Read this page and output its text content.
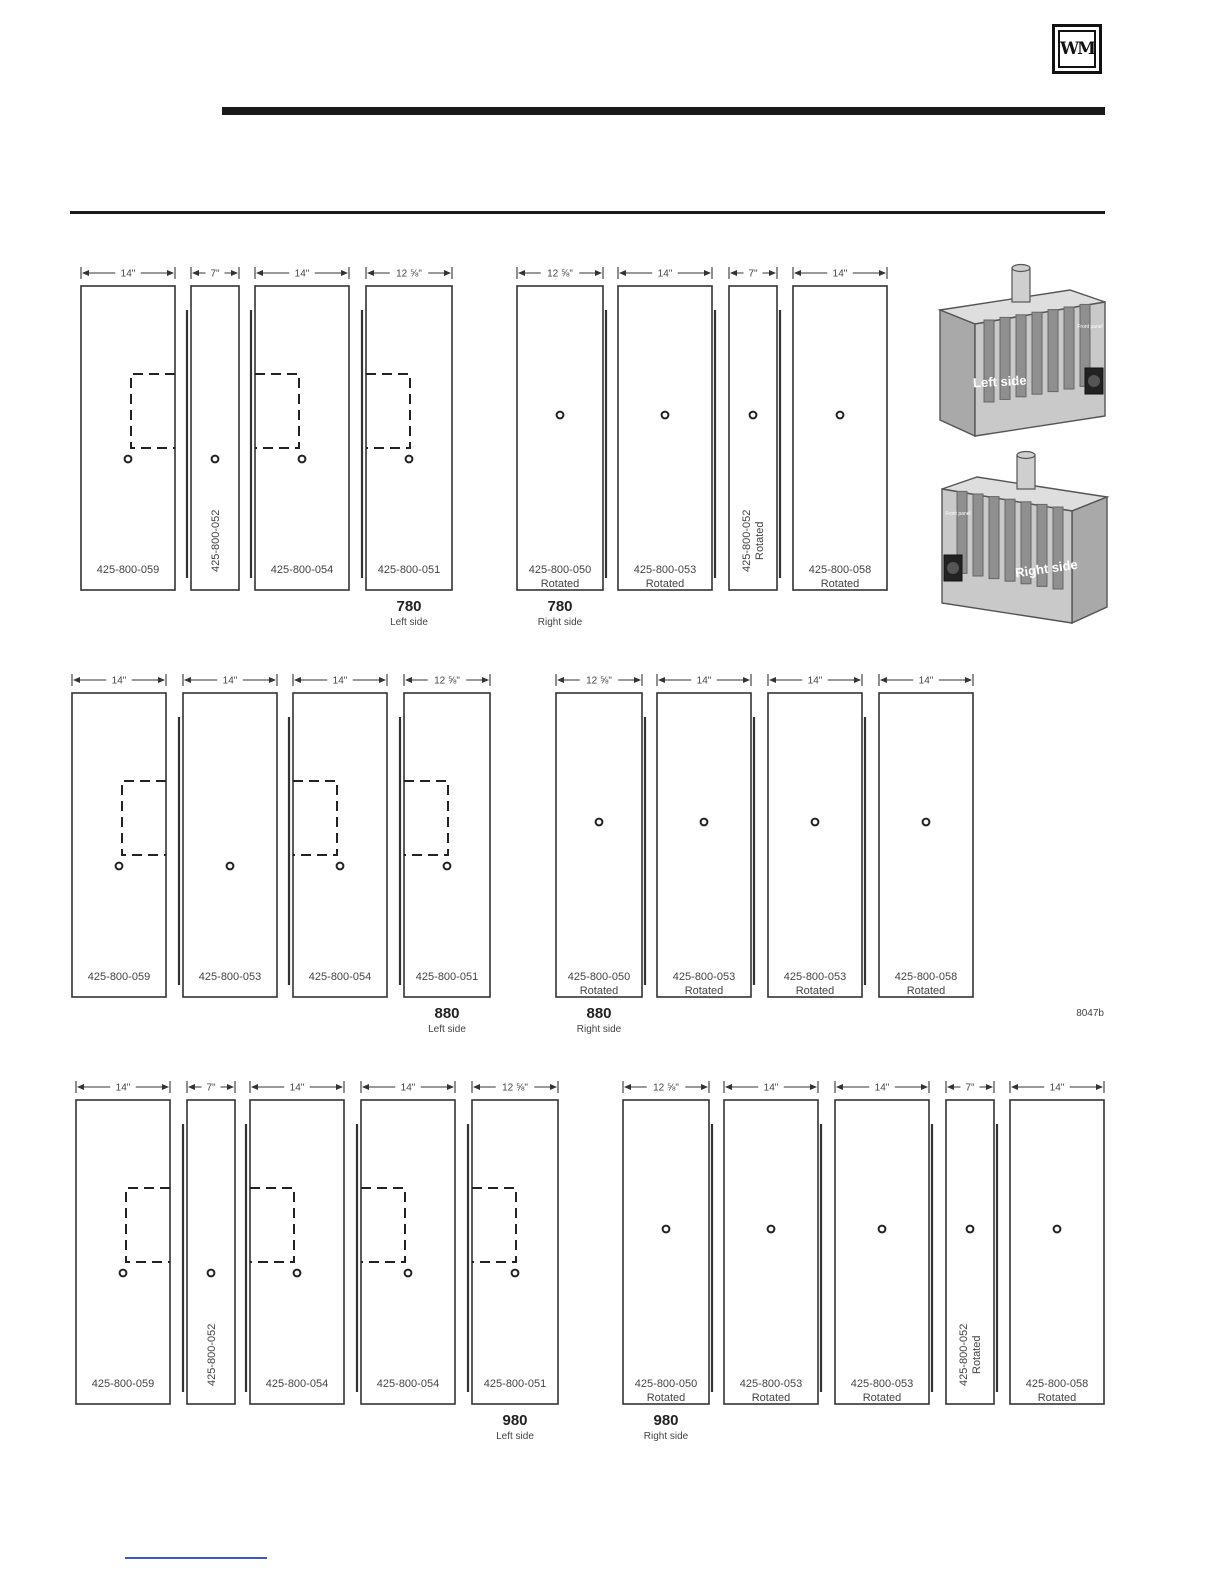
WM
14"
425-800-059
7"
425-800-052
14"
425-800-054
12 ⅝"
425-800-051
780
Left side
12 ⅝"
425-800-050
Rotated
14"
425-800-053
Rotated
7"
425-800-052 Rotated
14"
425-800-058
Rotated
780
Right side
14"
425-800-059
14"
425-800-053
14"
425-800-054
12 ⅝"
425-800-051
880
Left side
12 ⅝"
425-800-050
Rotated
14"
425-800-053
Rotated
14"
425-800-053
Rotated
14"
425-800-058
Rotated
880
Right side
14"
425-800-059
7"
425-800-052
14"
425-800-054
14"
425-800-054
12 ⅝"
425-800-051
980
Left side
12 ⅝"
425-800-050
Rotated
14"
425-800-053
Rotated
14"
425-800-053
Rotated
7"
425-800-052 Rotated
14"
425-800-058
Rotated
980
Right side
Left side
Front panel
Right side
Front panel
8047b
